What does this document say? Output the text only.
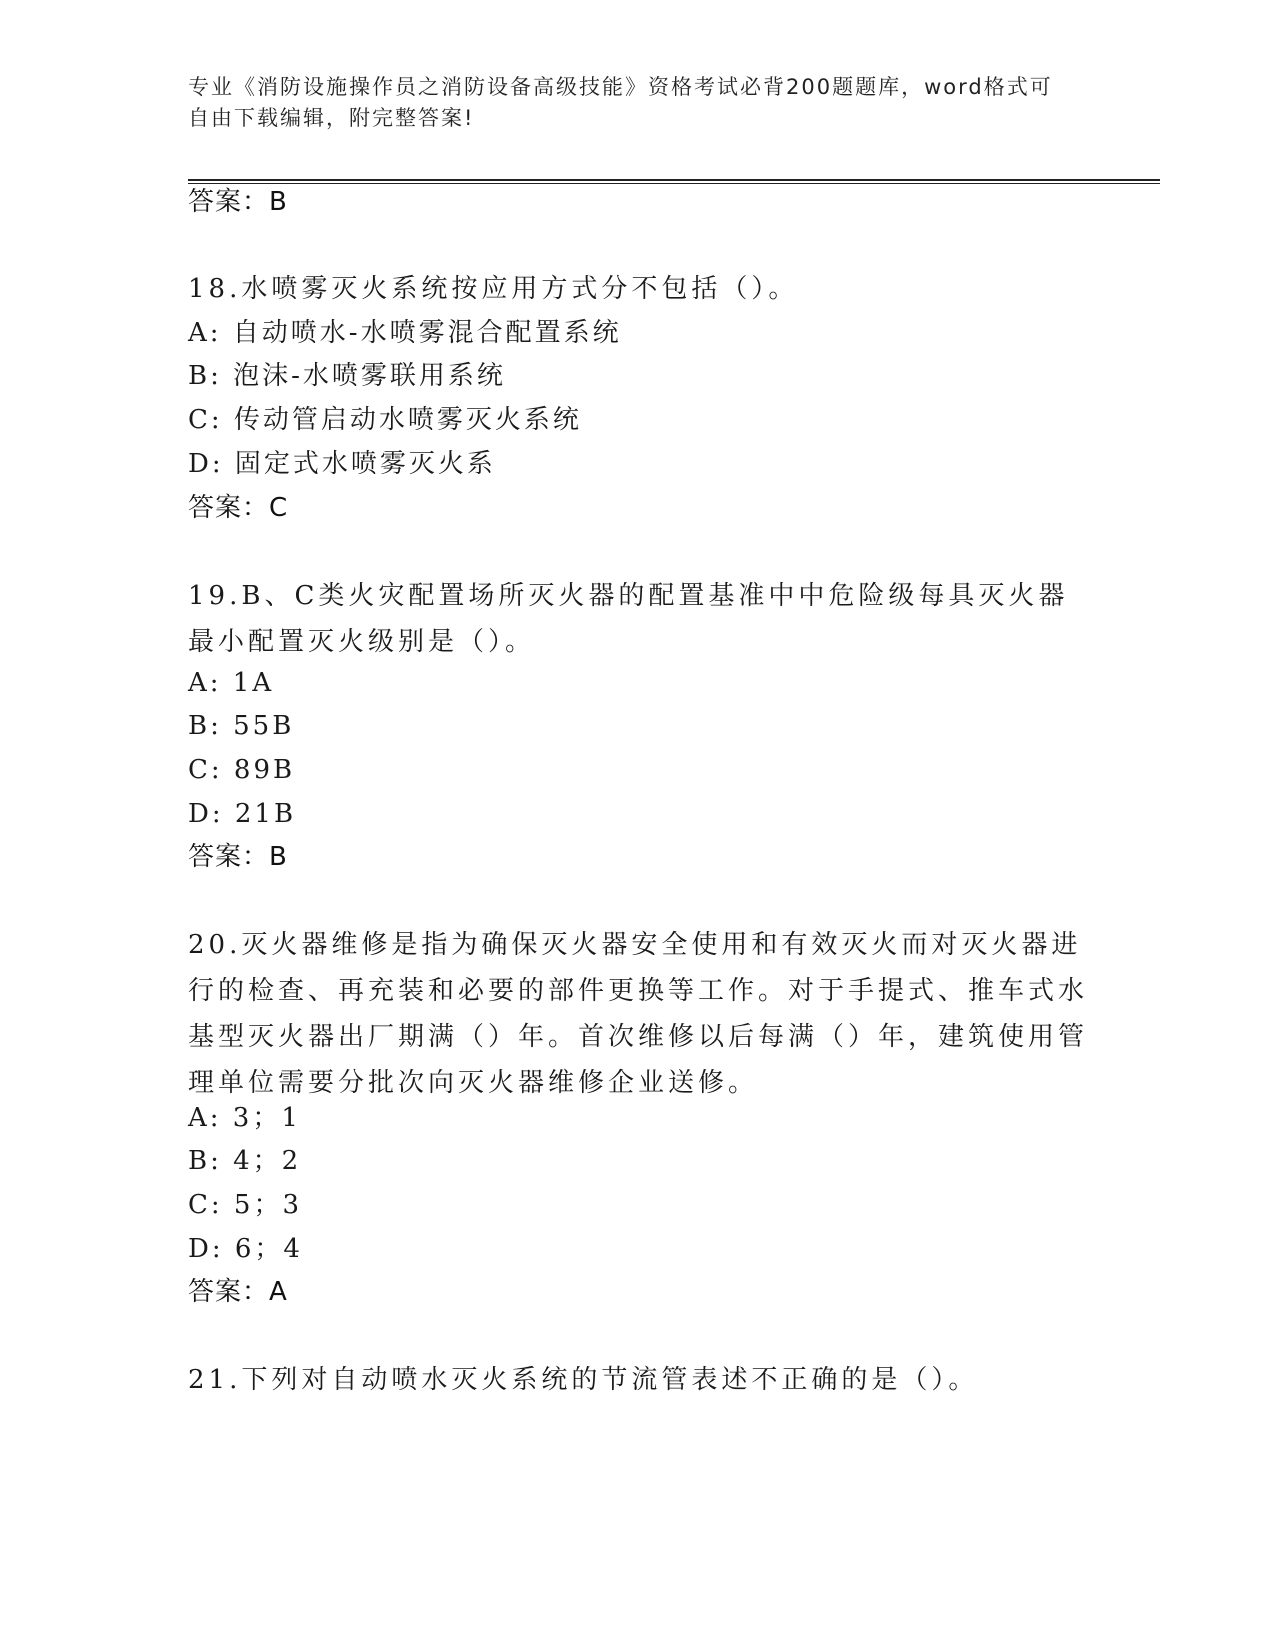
专业《消防设施操作员之消防设备高级技能》资格考试必背200题题库，word格式可自由下载编辑，附完整答案!
答案：B
18.水喷雾灭火系统按应用方式分不包括（）。
A: 自动喷水-水喷雾混合配置系统
B: 泡沫-水喷雾联用系统
C: 传动管启动水喷雾灭火系统
D: 固定式水喷雾灭火系
答案：C
19.B、C类火灾配置场所灭火器的配置基准中中危险级每具灭火器最小配置灭火级别是（）。
A: 1A
B: 55B
C: 89B
D: 21B
答案：B
20.灭火器维修是指为确保灭火器安全使用和有效灭火而对灭火器进行的检查、再充装和必要的部件更换等工作。对于手提式、推车式水基型灭火器出厂期满（）年。首次维修以后每满（）年，建筑使用管理单位需要分批次向灭火器维修企业送修。
A: 3；1
B: 4；2
C: 5；3
D: 6；4
答案：A
21.下列对自动喷水灭火系统的节流管表述不正确的是（）。
